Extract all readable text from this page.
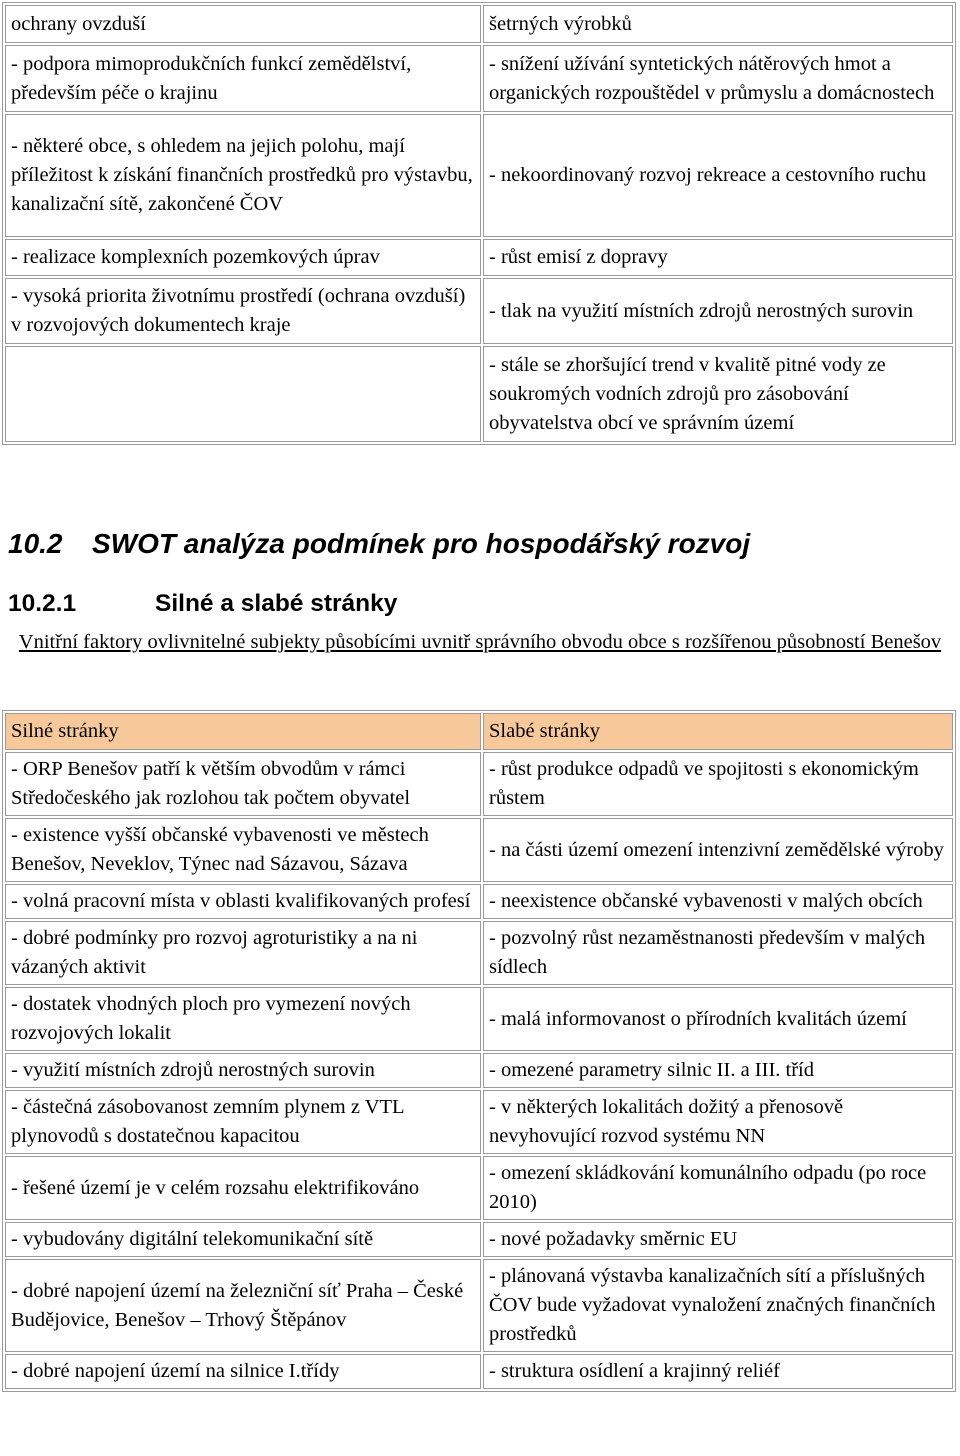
ochrany ovzduší	šetrných výrobků
- podpora mimoprodukčních funkcí zemědělství, především péče o krajinu	- snížení užívání syntetických nátěrových hmot a organických rozpouštědel v průmyslu a domácnostech
- některé obce, s ohledem na jejich polohu, mají příležitost k získání finančních prostředků pro výstavbu, kanalizační sítě, zakončené ČOV	- nekoordinovaný rozvoj rekreace a cestovního ruchu
- realizace komplexních pozemkových úprav	- růst emisí z dopravy
- vysoká priorita životnímu prostředí (ochrana ovzduší) v rozvojových dokumentech kraje	- tlak na využití místních zdrojů nerostných surovin
	- stále se zhoršující trend v kvalitě pitné vody ze soukromých vodních zdrojů pro zásobování obyvatelstva obcí ve správním území
10.2 SWOT analýza podmínek pro hospodářský rozvoj
10.2.1	Silné a slabé stránky

Vnitřní faktory ovlivnitelné subjekty působícími uvnitř správního obvodu obce s rozšířenou působností Benešov

Silné stránky	Slabé stránky
- ORP Benešov patří k větším obvodům v rámci Středočeského jak rozlohou tak počtem obyvatel	- růst produkce odpadů ve spojitosti s ekonomickým růstem
- existence vyšší občanské vybavenosti ve městech Benešov, Neveklov, Týnec nad Sázavou, Sázava	- na části území omezení intenzivní zemědělské výroby
- volná pracovní místa v oblasti kvalifikovaných profesí	- neexistence občanské vybavenosti v malých obcích
- dobré podmínky pro rozvoj agroturistiky a na ni vázaných aktivit	- pozvolný růst nezaměstnanosti především v malých sídlech
- dostatek vhodných ploch pro vymezení nových rozvojových lokalit	- malá informovanost o přírodních kvalitách území
- využití místních zdrojů nerostných surovin	- omezené parametry silnic II. a III. tříd
- částečná zásobovanost zemním plynem z VTL plynovodů s dostatečnou kapacitou	- v některých lokalitách dožitý a přenosově nevyhovující rozvod systému NN
- řešené území je v celém rozsahu elektrifikováno	- omezení skládkování komunálního odpadu (po roce 2010)
- vybudovány digitální telekomunikační sítě	- nové požadavky směrnic EU
- dobré napojení území na železniční síť Praha – České Budějovice, Benešov – Trhový Štěpánov	- plánovaná výstavba kanalizačních sítí a příslušných ČOV bude vyžadovat vynaložení značných finančních prostředků
- dobré napojení území na silnice I.třídy	- struktura osídlení a krajinný reliéf
